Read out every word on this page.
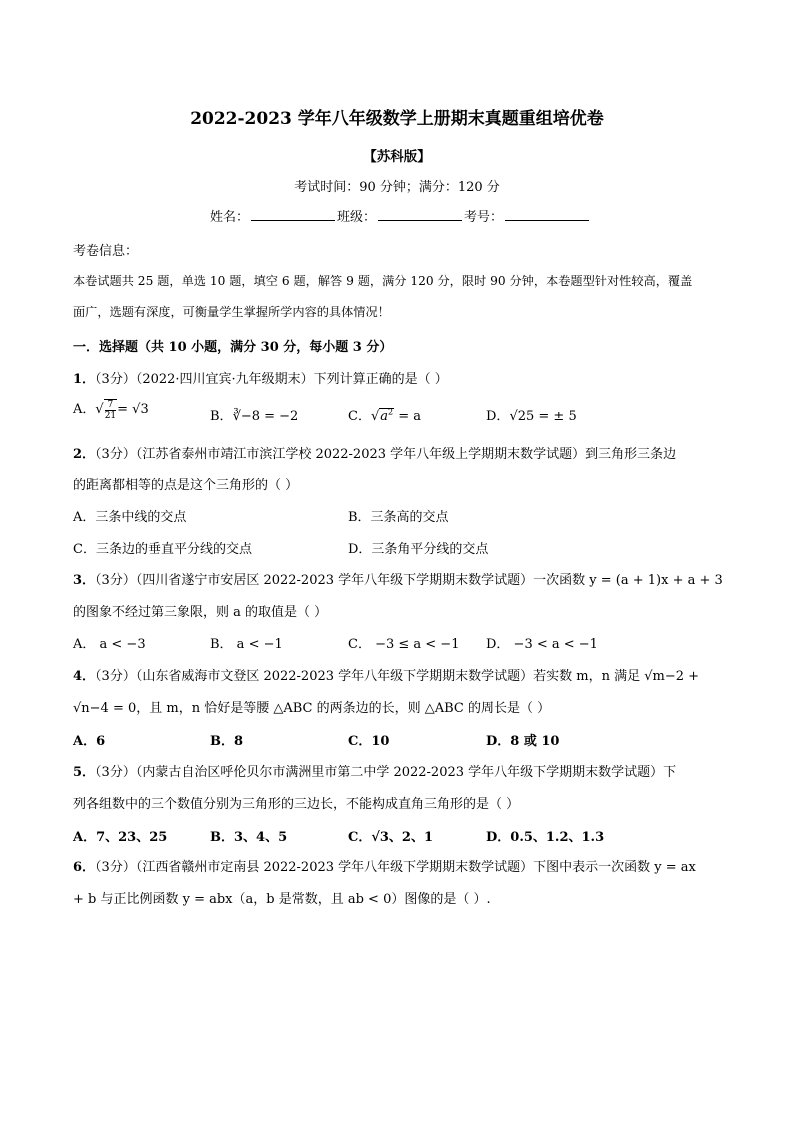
2022-2023 学年八年级数学上册期末真题重组培优卷
【苏科版】
考试时间：90 分钟；满分：120 分
姓名：	班级：	考号：
考卷信息：
本卷试题共 25 题，单选 10 题，填空 6 题，解答 9 题，满分 120 分，限时 90 分钟，本卷题型针对性较高，覆盖
面广，选题有深度，可衡量学生掌握所学内容的具体情况！
一．选择题（共 10 小题，满分 30 分，每小题 3 分）
1．（3分）（2022·四川宜宾·九年级期末）下列计算正确的是（ ）
A．√ $\frac{7}{21} = √3$	B．∛−8 = −2	C．$√a^2 = a$	D．√25 = ± 5
2．（3分）（江苏省泰州市靖江市滨江学校 2022-2023 学年八年级上学期期末数学试题）到三角形三条边
的距离都相等的点是这个三角形的（ ）
A．三条中线的交点	B．三条高的交点
C．三条边的垂直平分线的交点	D．三条角平分线的交点
3．（3分）（四川省遂宁市安居区 2022-2023 学年八年级下学期期末数学试题）一次函数 y = (a + 1)x + a + 3
的图象不经过第三象限，则 a 的取值是（ ）
A． a < −3	B． a < −1	C． −3 ≤ a < −1 D． −3 < a < −1
4．（3分）（山东省威海市文登区 2022-2023 学年八年级下学期期末数学试题）若实数 m，n 满足 √m−2 +
√n−4 = 0，且 m，n 恰好是等腰 △ABC 的两条边的长，则 △ABC 的周长是（ ）
A．6	B．8	C．10	D．8 或 10
5．（3分）（内蒙古自治区呼伦贝尔市满洲里市第二中学 2022-2023 学年八年级下学期期末数学试题）下
列各组数中的三个数值分别为三角形的三边长，不能构成直角三角形的是（ ）
A．7、23、25	B．3、4、5	C．√3、2、1	D．0.5、1.2、1.3
6．（3分）（江西省赣州市定南县 2022-2023 学年八年级下学期期末数学试题）下图中表示一次函数 y = ax
+ b 与正比例函数 y = abx（a，b 是常数，且 ab < 0）图像的是（ ）.
